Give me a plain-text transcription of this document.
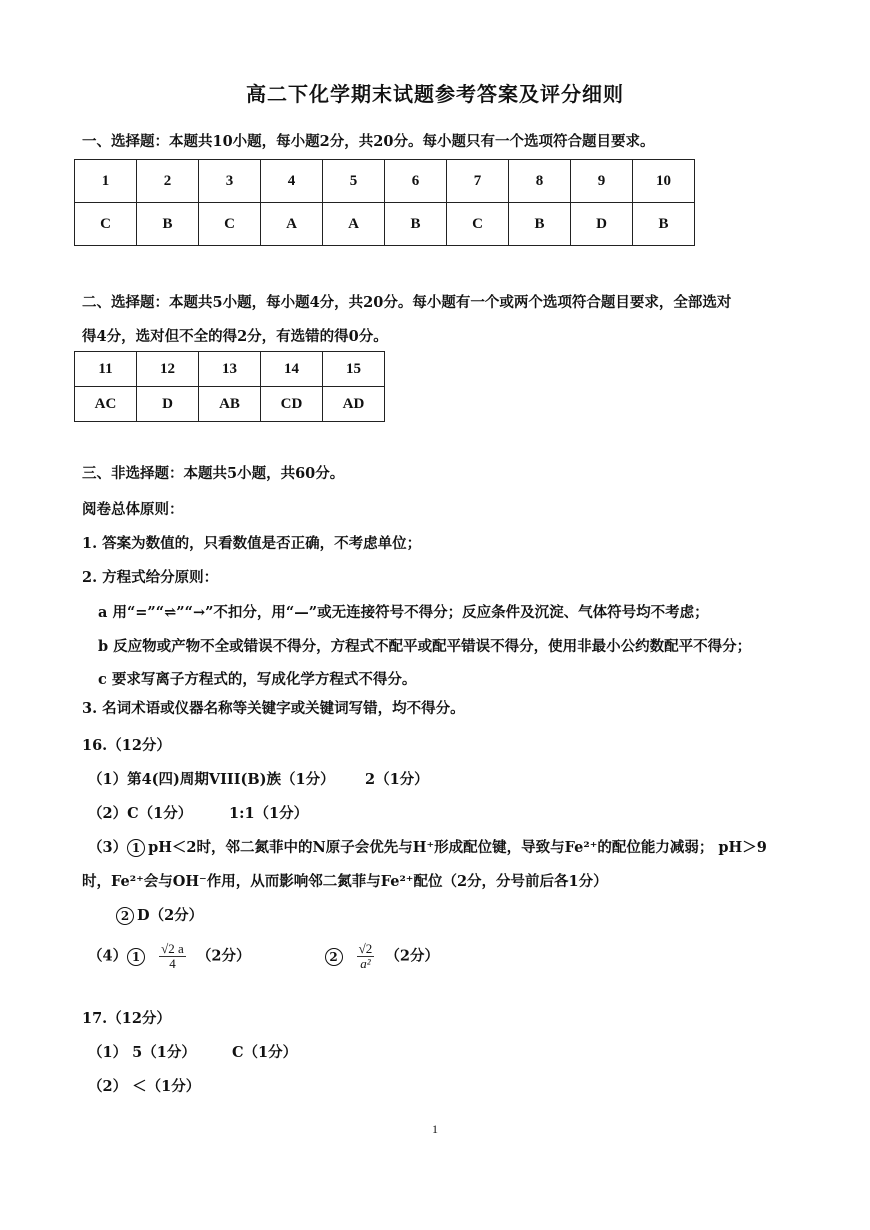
高二下化学期末试题参考答案及评分细则
一、选择题：本题共10小题，每小题2分，共20分。每小题只有一个选项符合题目要求。
1	2	3	4	5	6	7	8	9	10
C	B	C	A	A	B	C	B	D	B
二、选择题：本题共5小题，每小题4分，共20分。每小题有一个或两个选项符合题目要求，全部选对
得4分，选对但不全的得2分，有选错的得0分。
11	12	13	14	15
AC	D	AB	CD	AD
三、非选择题：本题共5小题，共60分。
阅卷总体原则：
1. 答案为数值的，只看数值是否正确，不考虑单位；
2. 方程式给分原则：
a 用“=”“⇌”“→”不扣分，用“—”或无连接符号不得分；反应条件及沉淀、气体符号均不考虑；
b 反应物或产物不全或错误不得分，方程式不配平或配平错误不得分，使用非最小公约数配平不得分；
c 要求写离子方程式的，写成化学方程式不得分。
3. 名词术语或仪器名称等关键字或关键词写错，均不得分。
16.（12分）
（1）第4(四)周期VIII(B)族（1分） 2（1分）
（2）C（1分）	1:1（1分）
（3） 1 pH＜2时，邻二氮菲中的N原子会优先与H⁺形成配位键，导致与Fe²⁺的配位能力减弱； pH＞9
时，Fe²⁺会与OH⁻作用，从而影响邻二氮菲与Fe²⁺配位（2分，分号前后各1分）
2 D（2分）
（4） $1 \frac{√2 a}{4} (2$分）	$2 \frac{√2}{\text{a²}} (2$分）
17.（12分）
（1） 5（1分） C（1分）
（2） ＜（1分）
1
